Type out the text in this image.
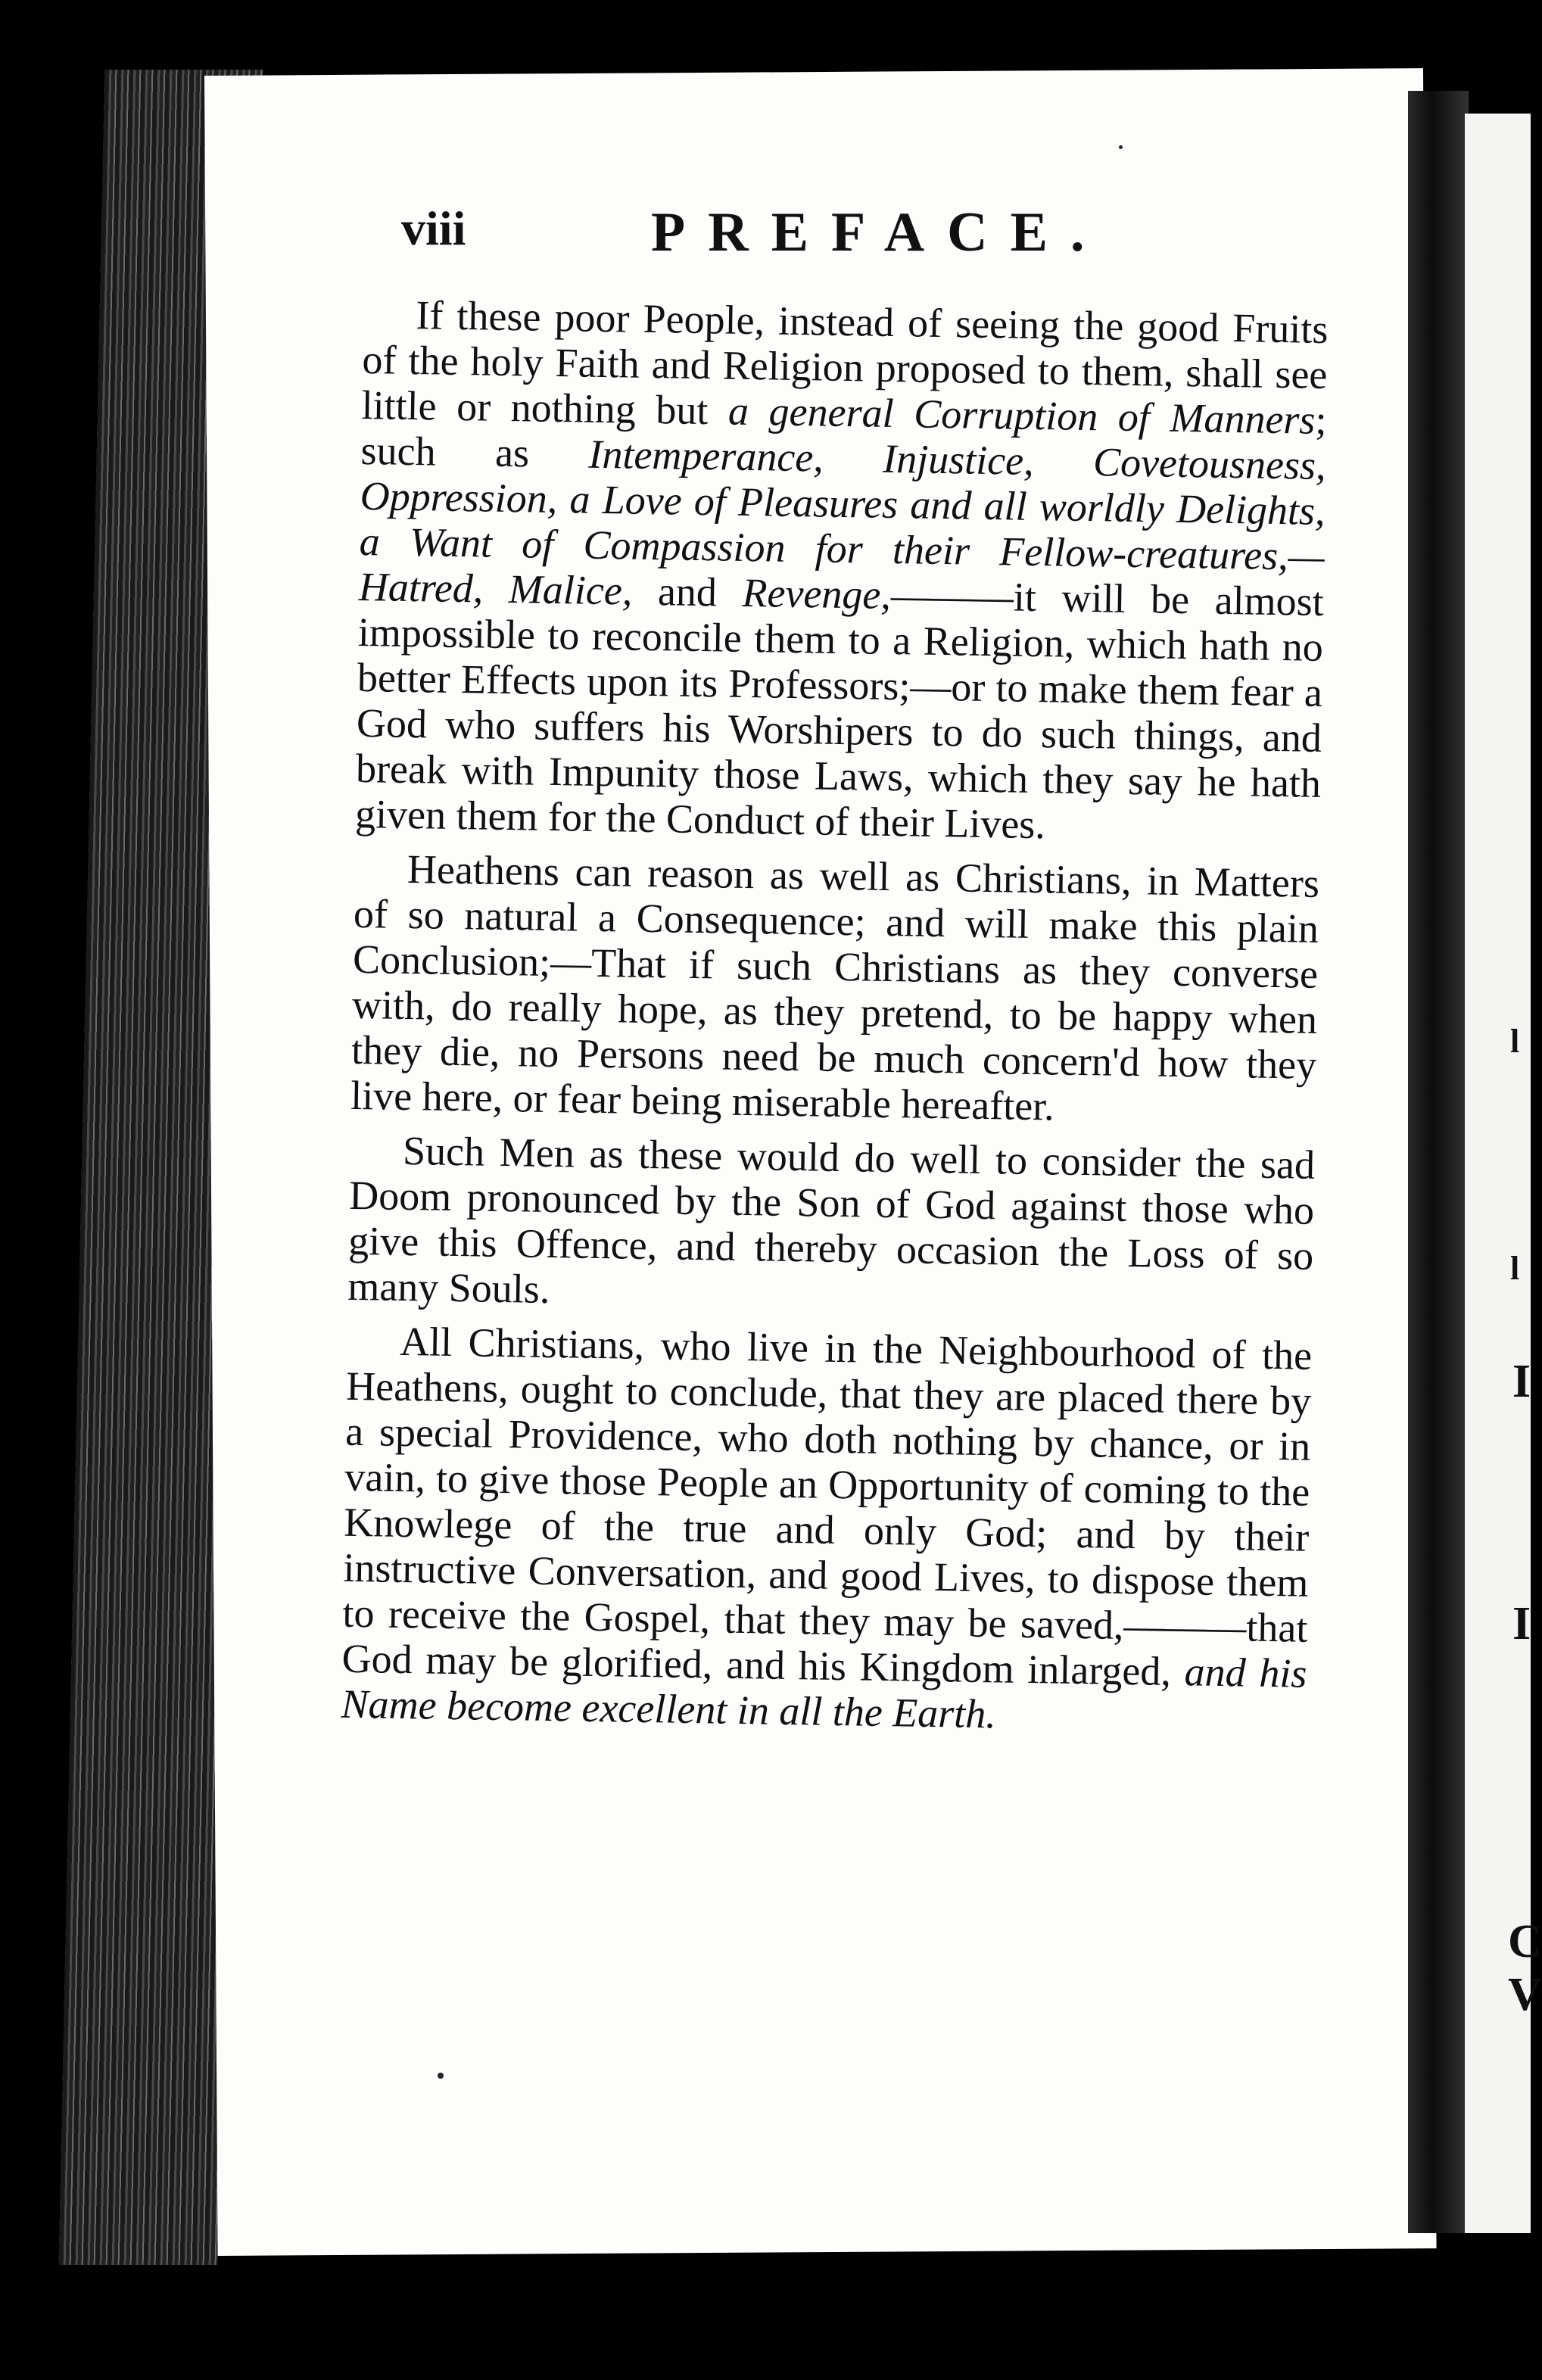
l
l
I
I
C
V
viii	PREFACE.

If these poor People, instead of seeing the good Fruits of the holy Faith and Religion proposed to them, shall see little or nothing but a general Corruption of Manners; such as Intemperance, Injustice, Covetousness, Oppression, a Love of Pleasures and all worldly Delights, a Want of Compassion for their Fellow-creatures,—Hatred, Malice, and Revenge,———it will be almost impossible to reconcile them to a Religion, which hath no better Effects upon its Professors;—or to make them fear a God who suffers his Worshipers to do such things, and break with Impunity those Laws, which they say he hath given them for the Conduct of their Lives.

Heathens can reason as well as Christians, in Matters of so natural a Consequence; and will make this plain Conclusion;—That if such Christians as they converse with, do really hope, as they pretend, to be happy when they die, no Persons need be much concern'd how they live here, or fear being miserable hereafter.

Such Men as these would do well to consider the sad Doom pronounced by the Son of God against those who give this Offence, and thereby occasion the Loss of so many Souls.

All Christians, who live in the Neighbourhood of the Heathens, ought to conclude, that they are placed there by a special Providence, who doth nothing by chance, or in vain, to give those People an Opportunity of coming to the Knowlege of the true and only God; and by their instructive Conversation, and good Lives, to dispose them to receive the Gospel, that they may be saved,———that God may be glorified, and his Kingdom inlarged, and his Name become excellent in all the Earth.
